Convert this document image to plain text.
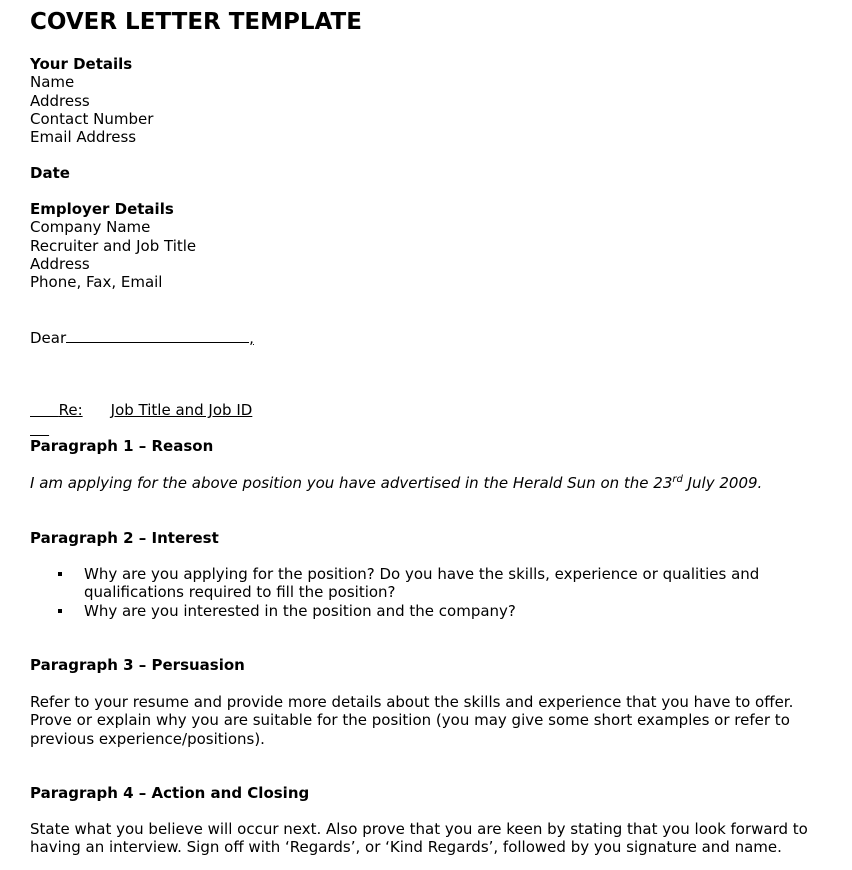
COVER LETTER TEMPLATE
Your Details
Name
Address
Contact Number
Email Address
Date
Employer Details
Company Name
Recruiter and Job Title
Address
Phone, Fax, Email
Dear	,

Re: Job Title and Job ID

Paragraph 1 – Reason
I am applying for the above position you have advertised in the Herald Sun on the 23rd July 2009.
Paragraph 2 – Interest
Why are you applying for the position? Do you have the skills, experience or qualities and qualifications required to fill the position?
Why are you interested in the position and the company?
Paragraph 3 – Persuasion
Refer to your resume and provide more details about the skills and experience that you have to offer. Prove or explain why you are suitable for the position (you may give some short examples or refer to previous experience/positions).
Paragraph 4 – Action and Closing
State what you believe will occur next. Also prove that you are keen by stating that you look forward to having an interview. Sign off with ‘Regards’, or ‘Kind Regards’, followed by you signature and name.
